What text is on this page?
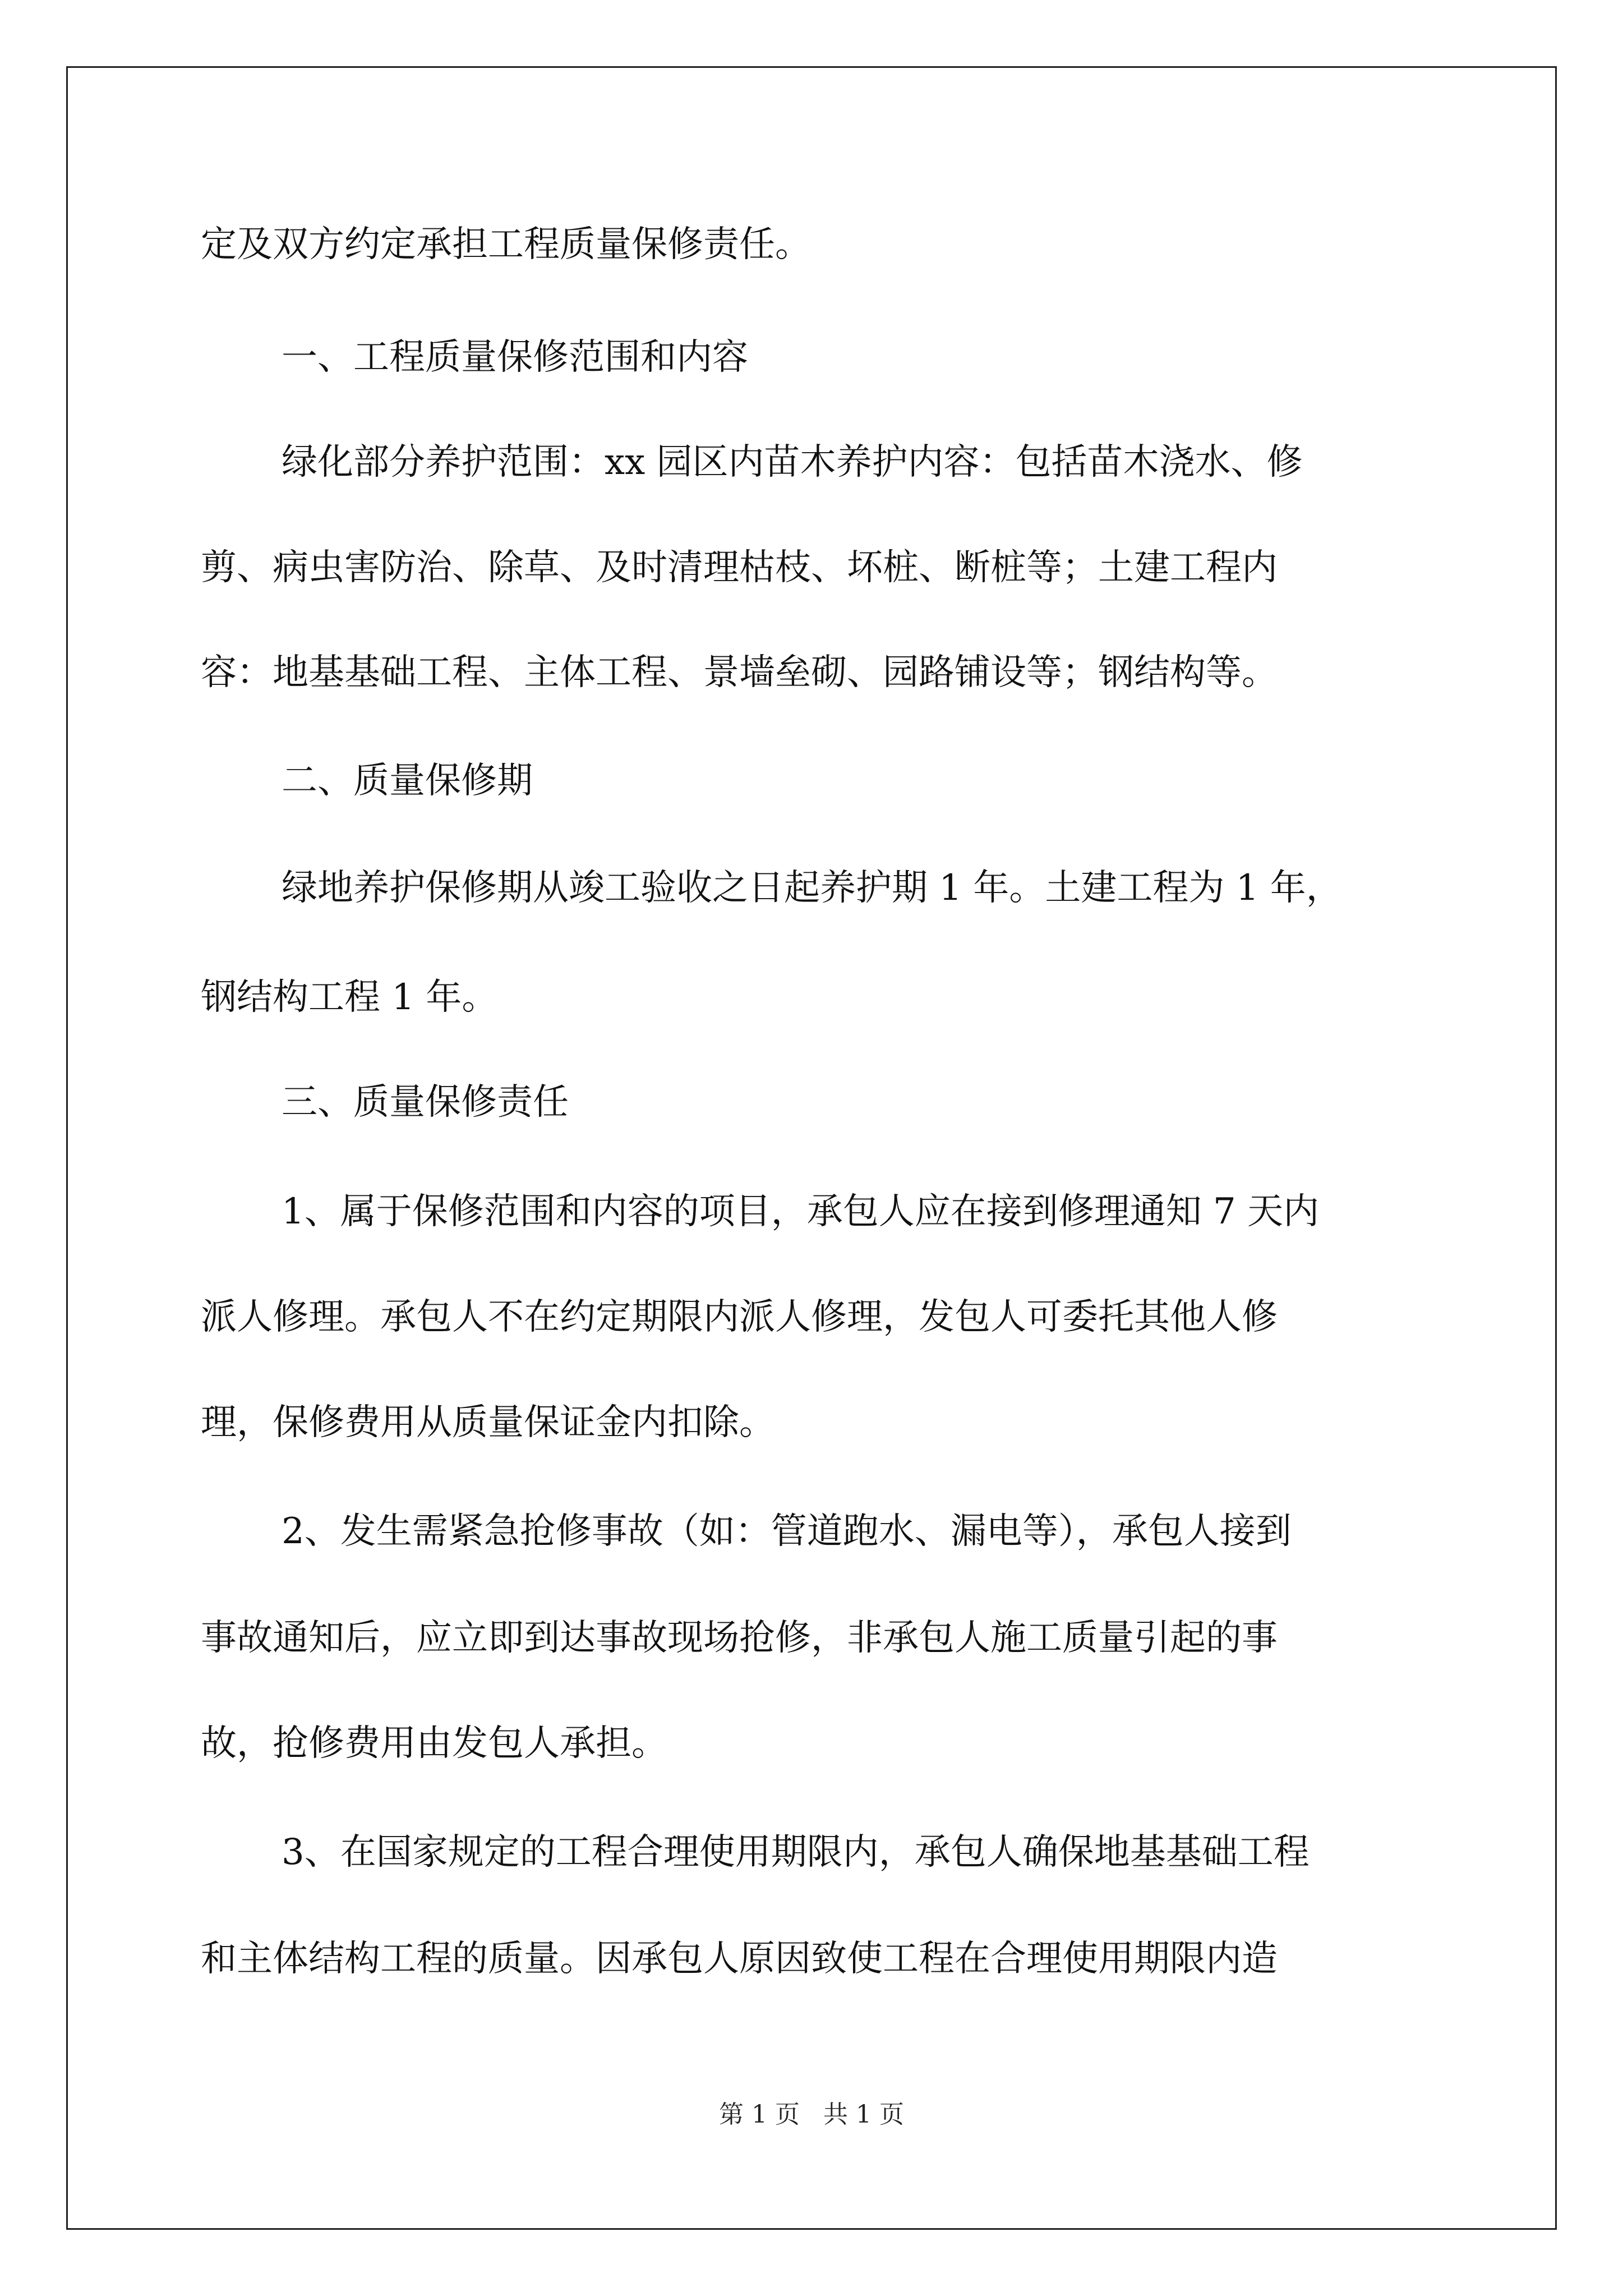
定及双方约定承担工程质量保修责任。
一、工程质量保修范围和内容
绿化部分养护范围：xx 园区内苗木养护内容：包括苗木浇水、修
剪、病虫害防治、除草、及时清理枯枝、坏桩、断桩等；土建工程内
容：地基基础工程、主体工程、景墙垒砌、园路铺设等；钢结构等。
二、质量保修期
绿地养护保修期从竣工验收之日起养护期 1 年。土建工程为 1 年，
钢结构工程 1 年。
三、质量保修责任
1、属于保修范围和内容的项目，承包人应在接到修理通知 7 天内
派人修理。承包人不在约定期限内派人修理，发包人可委托其他人修
理，保修费用从质量保证金内扣除。
2、发生需紧急抢修事故（如：管道跑水、漏电等），承包人接到
事故通知后，应立即到达事故现场抢修，非承包人施工质量引起的事
故，抢修费用由发包人承担。
3、在国家规定的工程合理使用期限内，承包人确保地基基础工程
和主体结构工程的质量。因承包人原因致使工程在合理使用期限内造
第 1 页   共 1 页
